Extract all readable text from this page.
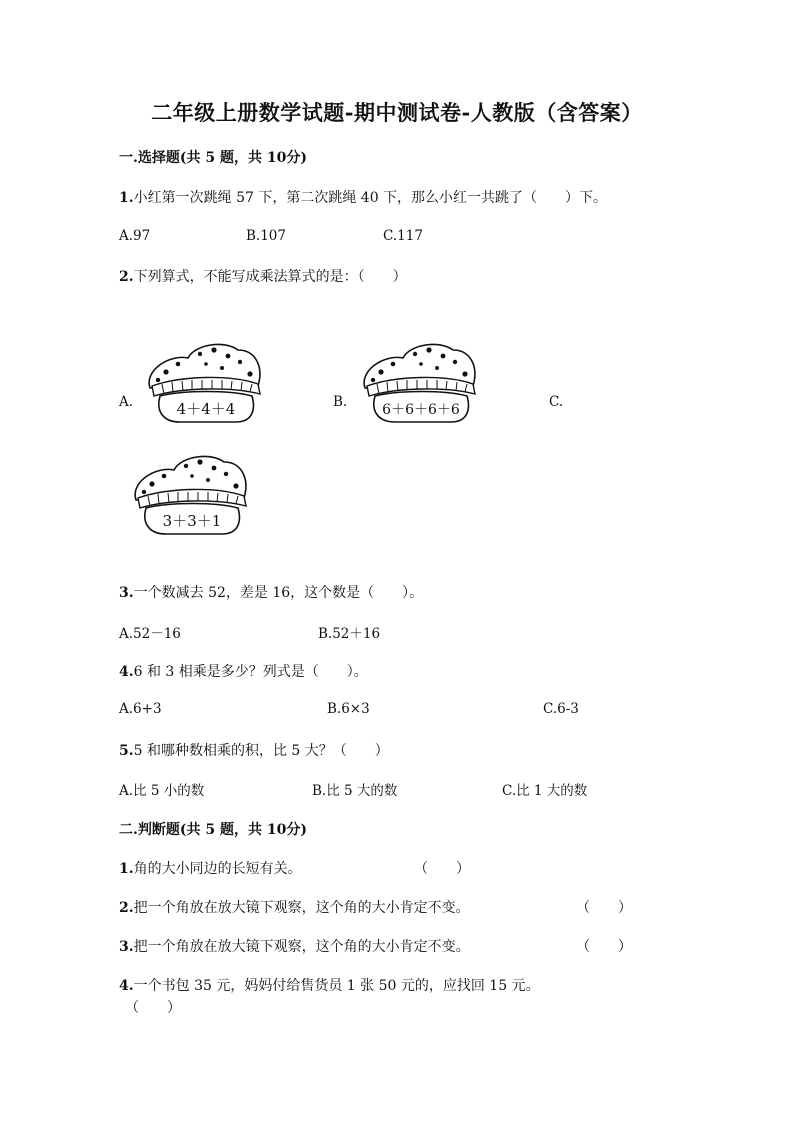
二年级上册数学试题-期中测试卷-人教版（含答案）
一.选择题(共 5 题，共 10分)
1.小红第一次跳绳 57 下，第二次跳绳 40 下，那么小红一共跳了（　　）下。
A.97	B.107	C.117
2.下列算式，不能写成乘法算式的是：（　　）
A.	4＋4＋4	B. 6＋6＋6＋6	C.
3＋3＋1
3.一个数减去 52，差是 16，这个数是（　　）。
A.52－16	B.52＋16
4.6 和 3 相乘是多少？列式是（　　）。
A.6+3	B.6×3	C.6-3
5.5 和哪种数相乘的积，比 5 大？（　　）
A.比 5 小的数	B.比 5 大的数	C.比 1 大的数
二.判断题(共 5 题，共 10分)
1.角的大小同边的长短有关。	（　　）
2.把一个角放在放大镜下观察，这个角的大小肯定不变。	（　　）
3.把一个角放在放大镜下观察，这个角的大小肯定不变。	（　　）
4.一个书包 35 元，妈妈付给售货员 1 张 50 元的，应找回 15 元。
（　　）
